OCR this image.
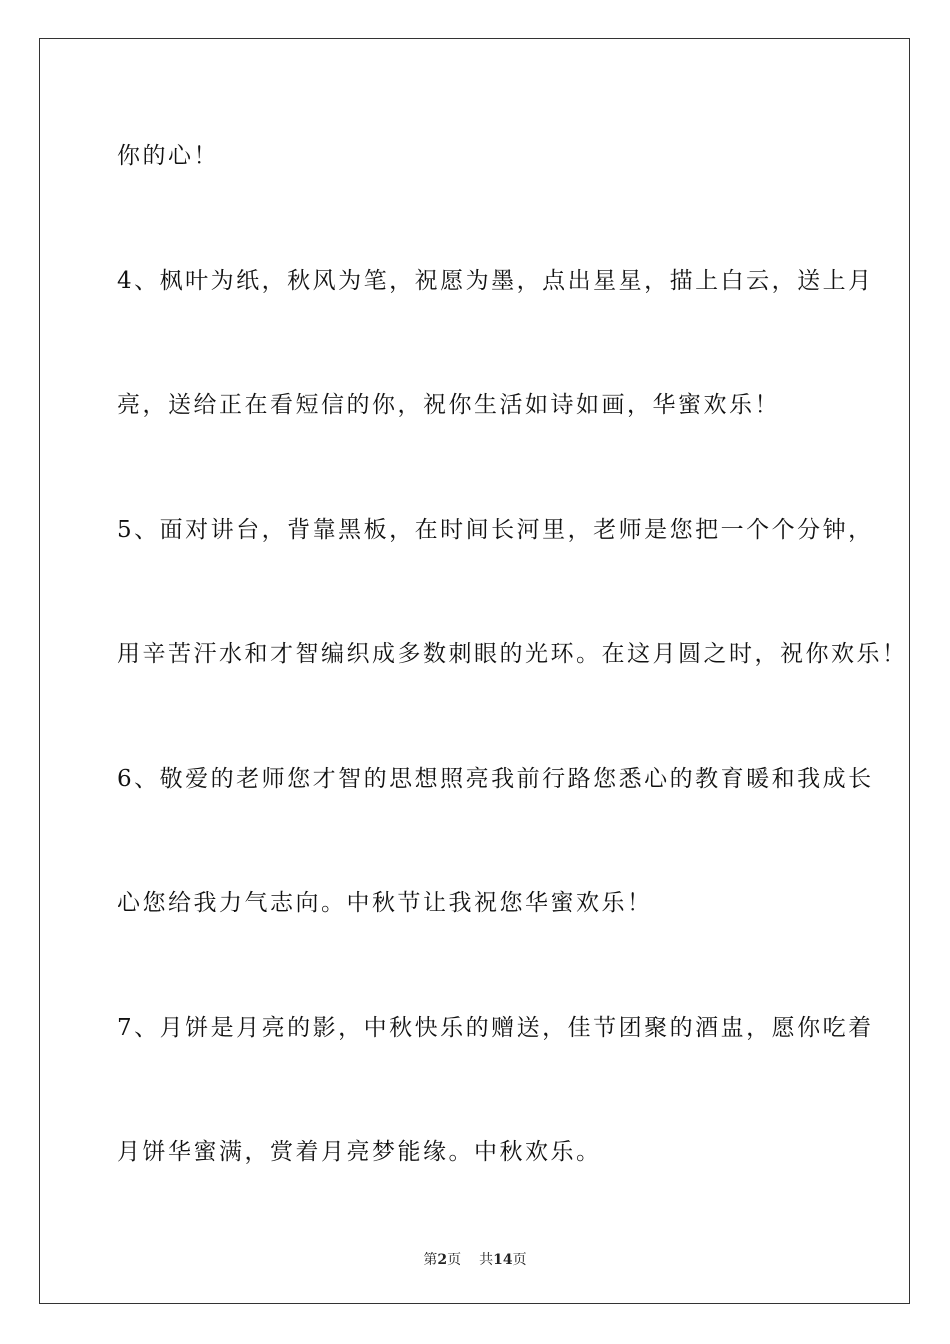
你的心！
4、枫叶为纸，秋风为笔，祝愿为墨，点出星星，描上白云，送上月
亮，送给正在看短信的你，祝你生活如诗如画，华蜜欢乐！
5、面对讲台，背靠黑板，在时间长河里，老师是您把一个个分钟，
用辛苦汗水和才智编织成多数刺眼的光环。在这月圆之时，祝你欢乐！
6、敬爱的老师您才智的思想照亮我前行路您悉心的教育暖和我成长
心您给我力气志向。中秋节让我祝您华蜜欢乐！
7、月饼是月亮的影，中秋快乐的赠送，佳节团聚的酒盅，愿你吃着
月饼华蜜满，赏着月亮梦能缘。中秋欢乐。
第2页 共14页
